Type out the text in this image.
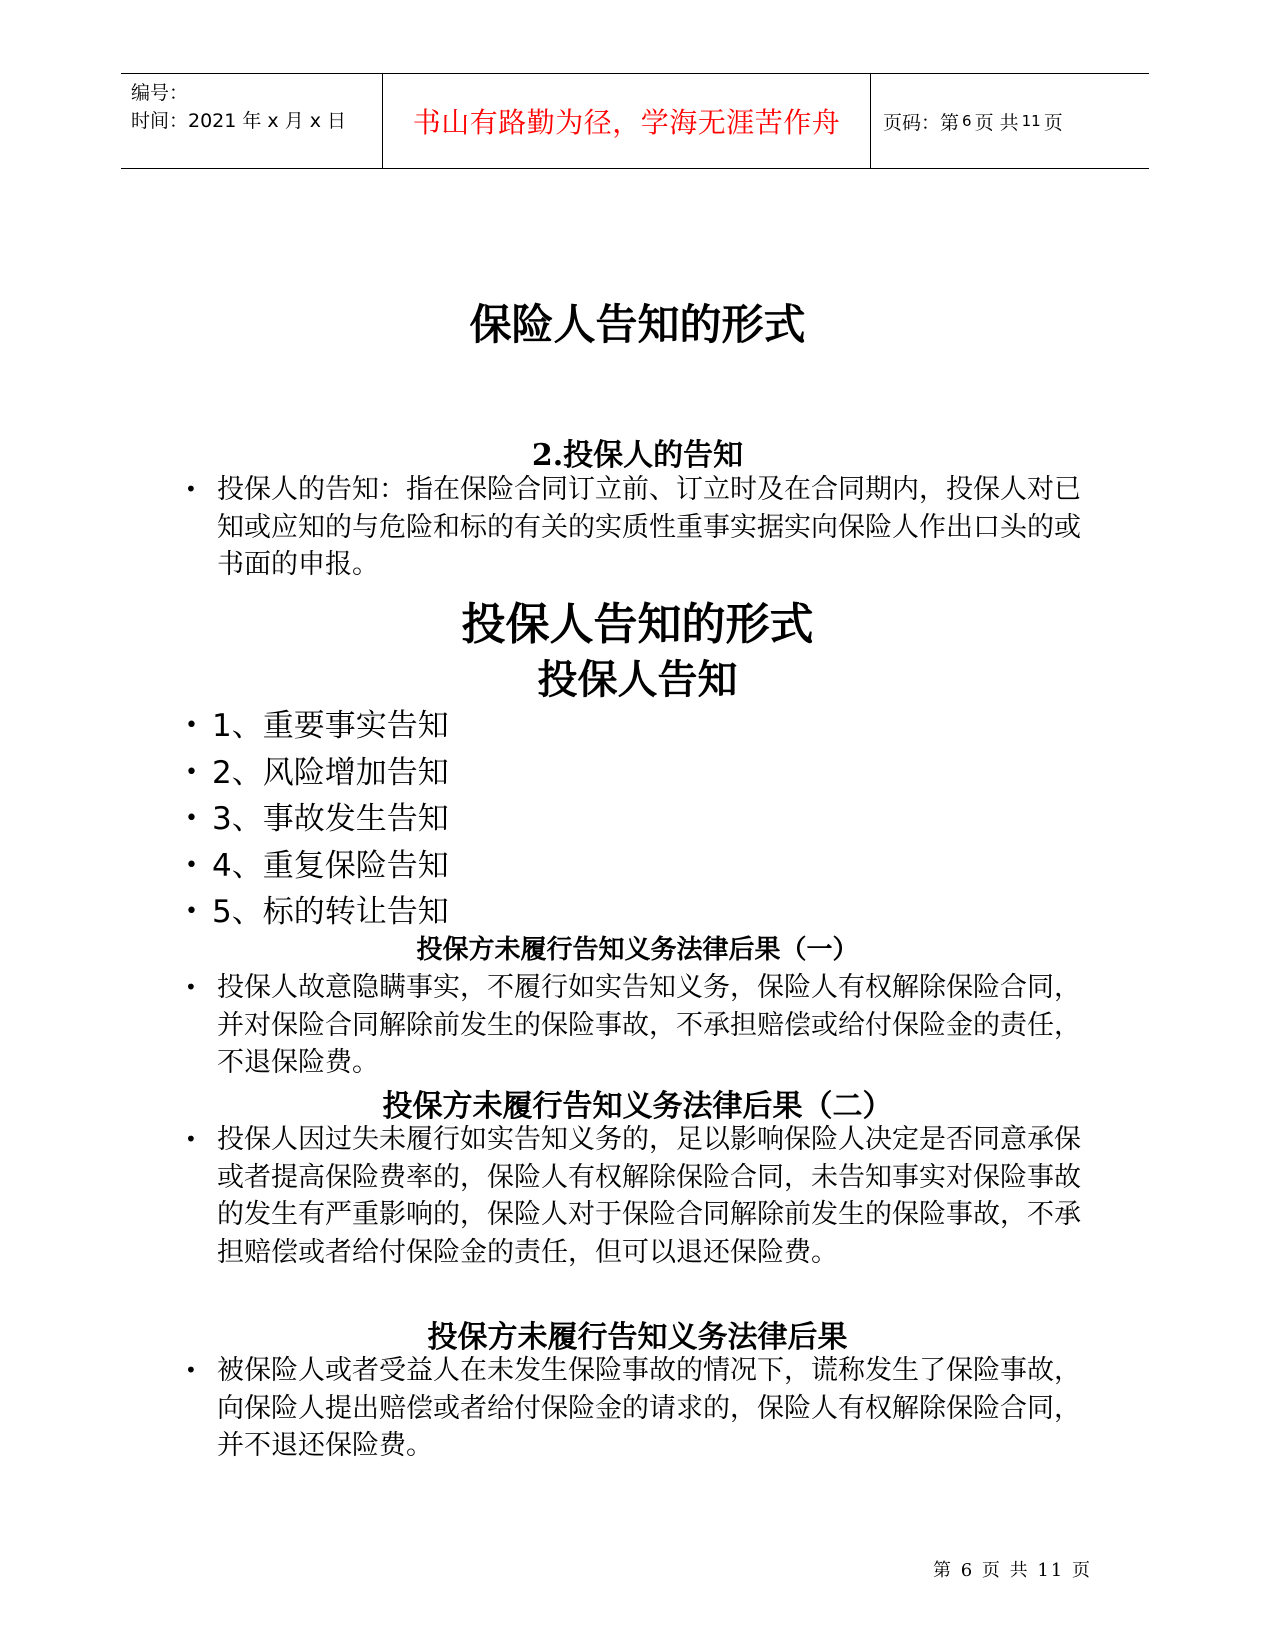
编号：
时间：2021 年 x 月 x 日	书山有路勤为径，学海无涯苦作舟	页码：第 6 页 共 11 页
保险人告知的形式
2.投保人的告知
• 投保人的告知：指在保险合同订立前、订立时及在合同期内，投保人对已知或应知的与危险和标的有关的实质性重事实据实向保险人作出口头的或书面的申报。
投保人告知的形式
投保人告知
• 1、重要事实告知
• 2、风险增加告知
• 3、事故发生告知
• 4、重复保险告知
• 5、标的转让告知
投保方未履行告知义务法律后果（一）
• 投保人故意隐瞒事实，不履行如实告知义务，保险人有权解除保险合同，并对保险合同解除前发生的保险事故，不承担赔偿或给付保险金的责任，不退保险费。
投保方未履行告知义务法律后果（二）
• 投保人因过失未履行如实告知义务的，足以影响保险人决定是否同意承保或者提高保险费率的，保险人有权解除保险合同，未告知事实对保险事故的发生有严重影响的，保险人对于保险合同解除前发生的保险事故，不承担赔偿或者给付保险金的责任，但可以退还保险费。
投保方未履行告知义务法律后果
• 被保险人或者受益人在未发生保险事故的情况下，谎称发生了保险事故，向保险人提出赔偿或者给付保险金的请求的，保险人有权解除保险合同，并不退还保险费。
第 6 页 共 11 页
